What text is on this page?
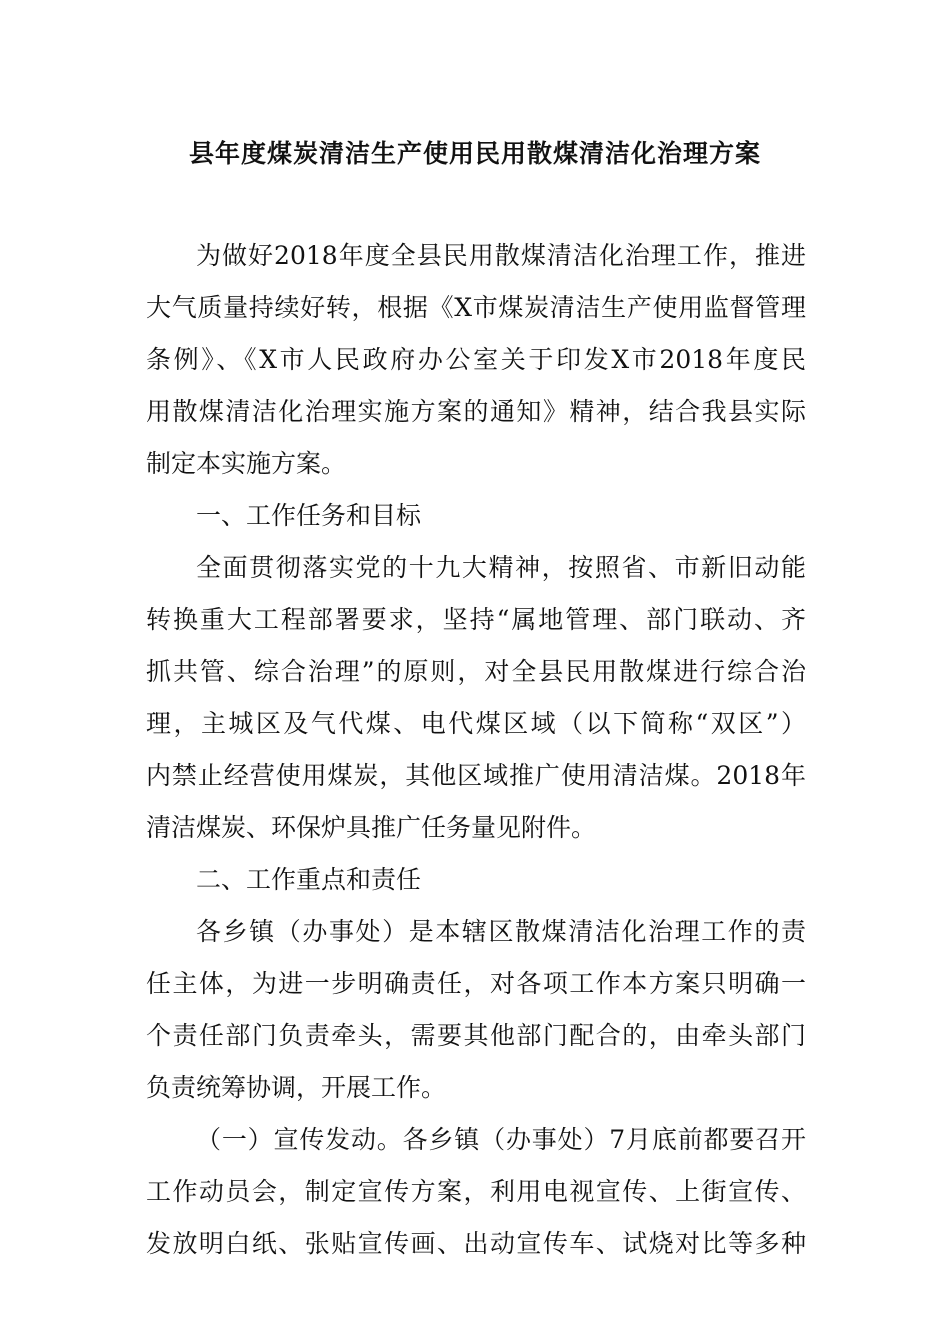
县年度煤炭清洁生产使用民用散煤清洁化治理方案
为做好2018年度全县民用散煤清洁化治理工作，推进
大气质量持续好转，根据《X市煤炭清洁生产使用监督管理
条例》、《X市人民政府办公室关于印发X市2018年度民
用散煤清洁化治理实施方案的通知》精神，结合我县实际
制定本实施方案。
一、工作任务和目标
全面贯彻落实党的十九大精神，按照省、市新旧动能
转换重大工程部署要求，坚持“属地管理、部门联动、齐
抓共管、综合治理”的原则，对全县民用散煤进行综合治
理，主城区及气代煤、电代煤区域（以下简称“双区”）
内禁止经营使用煤炭，其他区域推广使用清洁煤。2018年
清洁煤炭、环保炉具推广任务量见附件。
二、工作重点和责任
各乡镇（办事处）是本辖区散煤清洁化治理工作的责
任主体，为进一步明确责任，对各项工作本方案只明确一
个责任部门负责牵头，需要其他部门配合的，由牵头部门
负责统筹协调，开展工作。
（一）宣传发动。各乡镇（办事处）7月底前都要召开
工作动员会，制定宣传方案，利用电视宣传、上街宣传、
发放明白纸、张贴宣传画、出动宣传车、试烧对比等多种
